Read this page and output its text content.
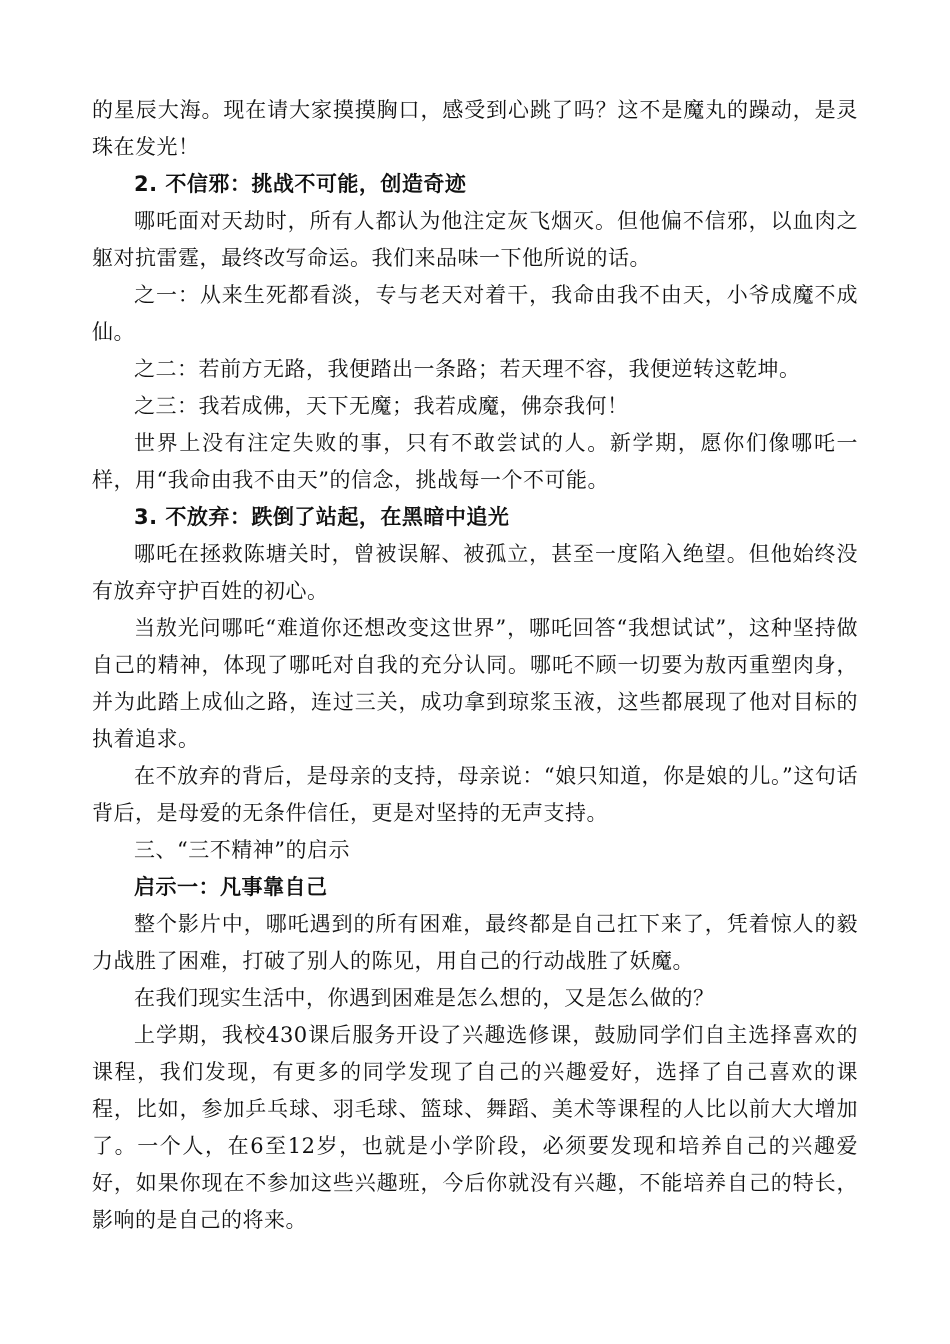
的星辰大海。现在请大家摸摸胸口，感受到心跳了吗？这不是魔丸的躁动，是灵珠在发光！

2. 不信邪：挑战不可能，创造奇迹

哪吒面对天劫时，所有人都认为他注定灰飞烟灭。但他偏不信邪，以血肉之躯对抗雷霆，最终改写命运。我们来品味一下他所说的话。

之一：从来生死都看淡，专与老天对着干，我命由我不由天，小爷成魔不成仙。

之二：若前方无路，我便踏出一条路；若天理不容，我便逆转这乾坤。

之三：我若成佛，天下无魔；我若成魔，佛奈我何！

世界上没有注定失败的事，只有不敢尝试的人。新学期，愿你们像哪吒一样，用“我命由我不由天”的信念，挑战每一个不可能。

3. 不放弃：跌倒了站起，在黑暗中追光

哪吒在拯救陈塘关时，曾被误解、被孤立，甚至一度陷入绝望。但他始终没有放弃守护百姓的初心。

当敖光问哪吒“难道你还想改变这世界”，哪吒回答“我想试试”，这种坚持做自己的精神，体现了哪吒对自我的充分认同。哪吒不顾一切要为敖丙重塑肉身，并为此踏上成仙之路，连过三关，成功拿到琼浆玉液，这些都展现了他对目标的执着追求。

在不放弃的背后，是母亲的支持，母亲说：“娘只知道，你是娘的儿。”这句话背后，是母爱的无条件信任，更是对坚持的无声支持。

三、“三不精神”的启示

启示一：凡事靠自己

整个影片中，哪吒遇到的所有困难，最终都是自己扛下来了，凭着惊人的毅力战胜了困难，打破了别人的陈见，用自己的行动战胜了妖魔。

在我们现实生活中，你遇到困难是怎么想的，又是怎么做的？

上学期，我校430课后服务开设了兴趣选修课，鼓励同学们自主选择喜欢的课程，我们发现，有更多的同学发现了自己的兴趣爱好，选择了自己喜欢的课程，比如，参加乒乓球、羽毛球、篮球、舞蹈、美术等课程的人比以前大大增加了。一个人，在6至12岁，也就是小学阶段，必须要发现和培养自己的兴趣爱好，如果你现在不参加这些兴趣班，今后你就没有兴趣，不能培养自己的特长，影响的是自己的将来。
